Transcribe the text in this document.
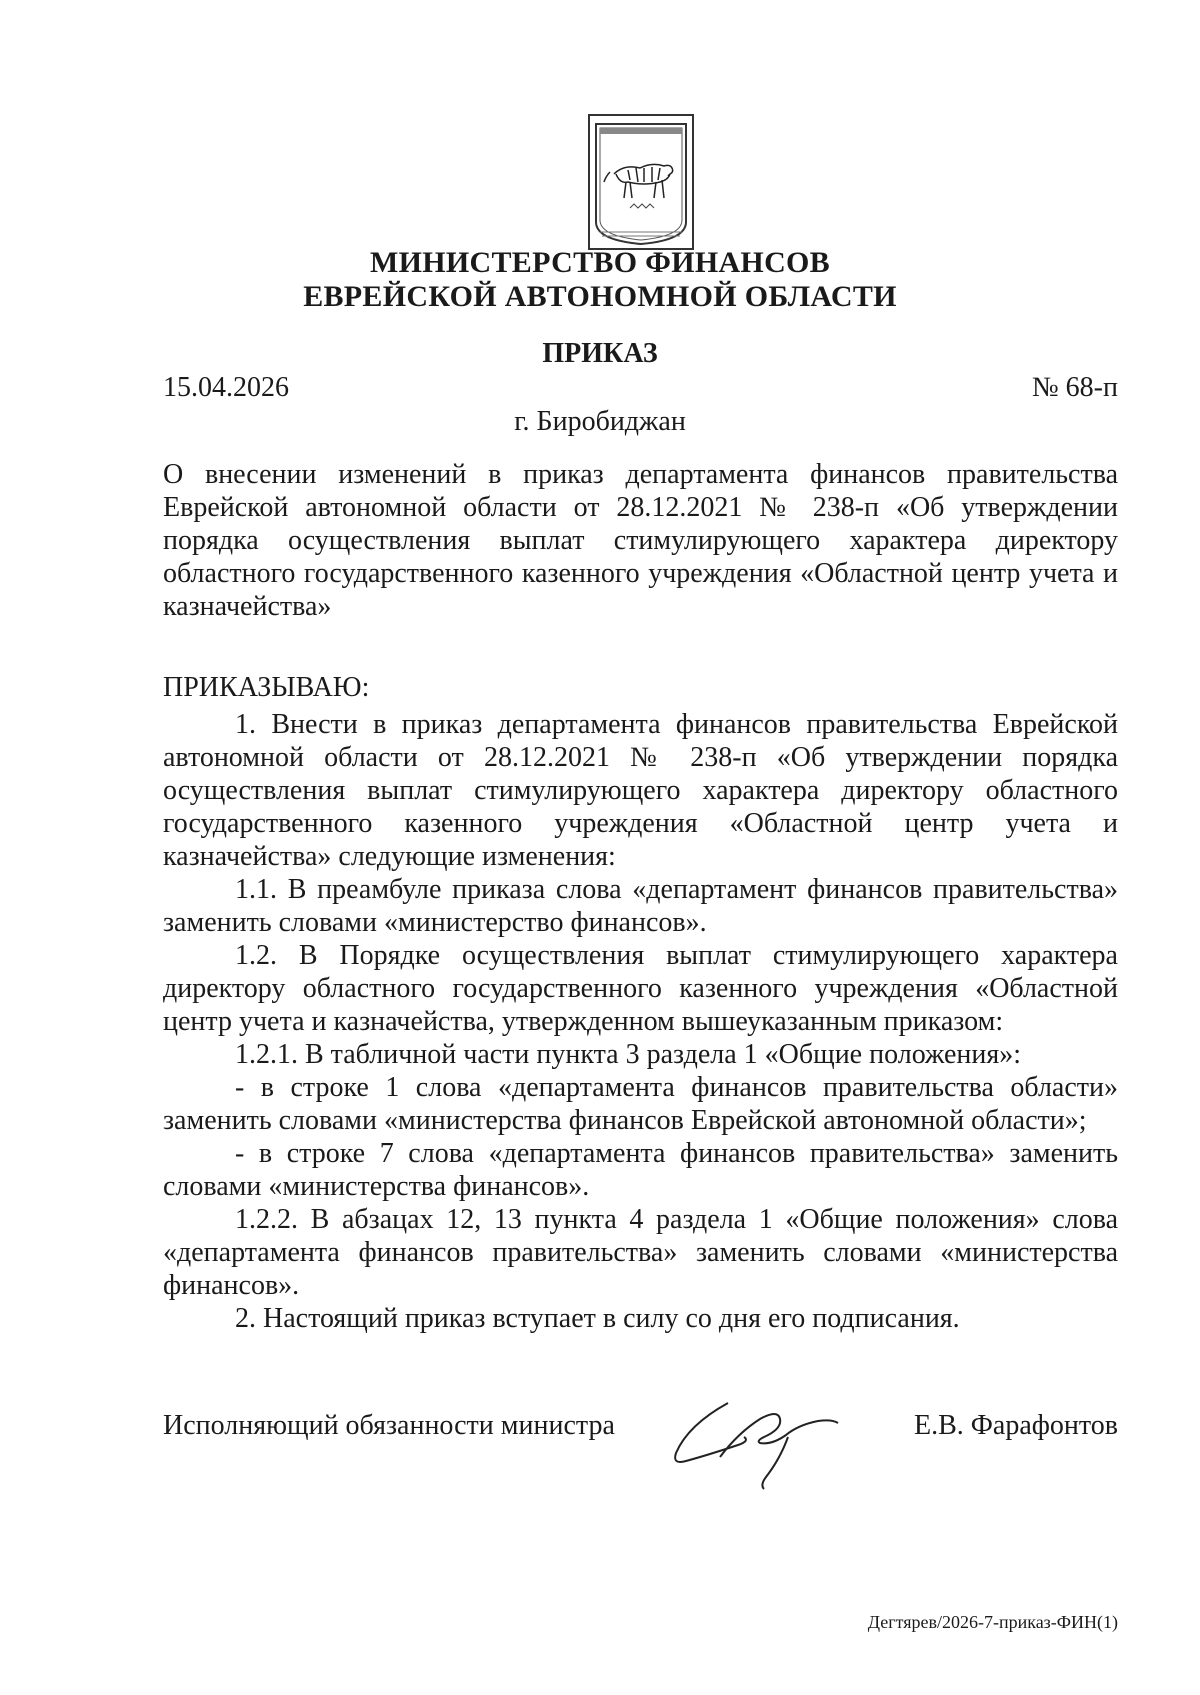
МИНИСТЕРСТВО ФИНАНСОВ
ЕВРЕЙСКОЙ АВТОНОМНОЙ ОБЛАСТИ
ПРИКАЗ
15.04.2026	№ 68-п
г. Биробиджан

О внесении изменений в приказ департамента финансов правительства Еврейской автономной области от 28.12.2021 № 238-п «Об утверждении порядка осуществления выплат стимулирующего характера директору областного государственного казенного учреждения «Областной центр учета и казначейства»

ПРИКАЗЫВАЮ:

1. Внести в приказ департамента финансов правительства Еврейской автономной области от 28.12.2021 № 238-п «Об утверждении порядка осуществления выплат стимулирующего характера директору областного государственного казенного учреждения «Областной центр учета и казначейства» следующие изменения:

1.1. В преамбуле приказа слова «департамент финансов правительства» заменить словами «министерство финансов».

1.2. В Порядке осуществления выплат стимулирующего характера директору областного государственного казенного учреждения «Областной центр учета и казначейства, утвержденном вышеуказанным приказом:

1.2.1. В табличной части пункта 3 раздела 1 «Общие положения»:

- в строке 1 слова «департамента финансов правительства области» заменить словами «министерства финансов Еврейской автономной области»;

- в строке 7 слова «департамента финансов правительства» заменить словами «министерства финансов».

1.2.2. В абзацах 12, 13 пункта 4 раздела 1 «Общие положения» слова «департамента финансов правительства» заменить словами «министерства финансов».

2. Настоящий приказ вступает в силу со дня его подписания.

Исполняющий обязанности министра	Е.В. Фарафонтов
Дегтярев/2026-7-приказ-ФИН(1)
